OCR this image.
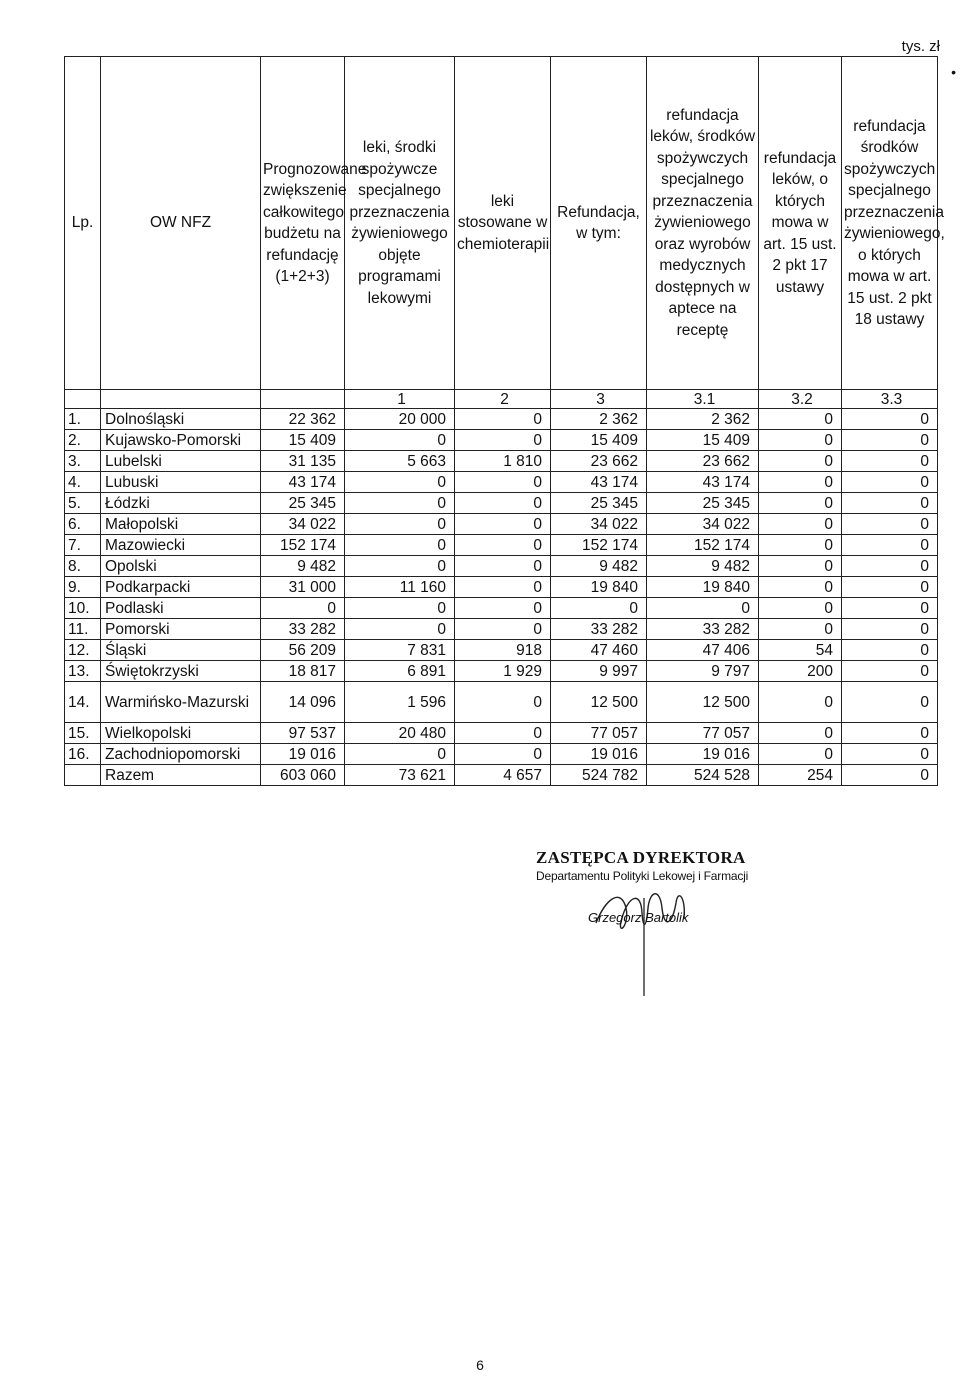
tys. zł
•
Lp.	OW NFZ	Prognozowane zwiększenie całkowitego budżetu na refundację (1+2+3)	leki, środki spożywcze specjalnego przeznaczenia żywieniowego objęte programami lekowymi	leki stosowane w chemioterapii	Refundacja, w tym:	refundacja leków, środków spożywczych specjalnego przeznaczenia żywieniowego oraz wyrobów medycznych dostępnych w aptece na receptę	refundacja leków, o których mowa w art. 15 ust. 2 pkt 17 ustawy	refundacja środków spożywczych specjalnego przeznaczenia żywieniowego, o których mowa w art. 15 ust. 2 pkt 18 ustawy
			1	2	3	3.1	3.2	3.3
1.	Dolnośląski	22 362	20 000	0	2 362	2 362	0	0
2.	Kujawsko-Pomorski	15 409	0	0	15 409	15 409	0	0
3.	Lubelski	31 135	5 663	1 810	23 662	23 662	0	0
4.	Lubuski	43 174	0	0	43 174	43 174	0	0
5.	Łódzki	25 345	0	0	25 345	25 345	0	0
6.	Małopolski	34 022	0	0	34 022	34 022	0	0
7.	Mazowiecki	152 174	0	0	152 174	152 174	0	0
8.	Opolski	9 482	0	0	9 482	9 482	0	0
9.	Podkarpacki	31 000	11 160	0	19 840	19 840	0	0
10.	Podlaski	0	0	0	0	0	0	0
11.	Pomorski	33 282	0	0	33 282	33 282	0	0
12.	Śląski	56 209	7 831	918	47 460	47 406	54	0
13.	Świętokrzyski	18 817	6 891	1 929	9 997	9 797	200	0
14.	Warmińsko-Mazurski	14 096	1 596	0	12 500	12 500	0	0
15.	Wielkopolski	97 537	20 480	0	77 057	77 057	0	0
16.	Zachodniopomorski	19 016	0	0	19 016	19 016	0	0
	Razem	603 060	73 621	4 657	524 782	524 528	254	0
ZASTĘPCA DYREKTORA
Departamentu Polityki Lekowej i Farmacji
Grzegorz Bartolik
6
